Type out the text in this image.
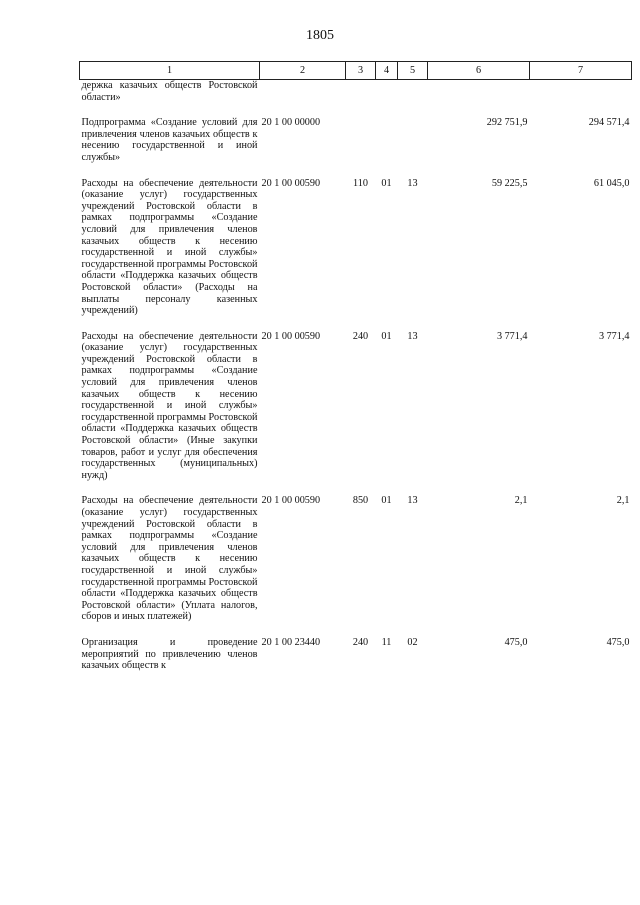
1805
1	2	3	4	5	6	7
держка казачьих обществ Ростовской области»						

Подпрограмма «Создание условий для привлечения членов казачьих обществ к несению государственной и иной службы»	20 1 00 00000				292 751,9	294 571,4

Расходы на обеспечение деятельности (оказание услуг) государственных учреждений Ростовской области в рамках подпрограммы «Создание условий для привлечения членов казачьих обществ к несению государственной и иной службы» государственной программы Ростовской области «Поддержка казачьих обществ Ростовской области» (Расходы на выплаты персоналу казенных учреждений)	20 1 00 00590	110	01	13	59 225,5	61 045,0

Расходы на обеспечение деятельности (оказание услуг) государственных учреждений Ростовской области в рамках подпрограммы «Создание условий для привлечения членов казачьих обществ к несению государственной и иной службы» государственной программы Ростовской области «Поддержка казачьих обществ Ростовской области» (Иные закупки товаров, работ и услуг для обеспечения государственных (муниципальных) нужд)	20 1 00 00590	240	01	13	3 771,4	3 771,4

Расходы на обеспечение деятельности (оказание услуг) государственных учреждений Ростовской области в рамках подпрограммы «Создание условий для привлечения членов казачьих обществ к несению государственной и иной службы» государственной программы Ростовской области «Поддержка казачьих обществ Ростовской области» (Уплата налогов, сборов и иных платежей)	20 1 00 00590	850	01	13	2,1	2,1

Организация и проведение мероприятий по привлечению членов казачьих обществ к	20 1 00 23440	240	11	02	475,0	475,0
